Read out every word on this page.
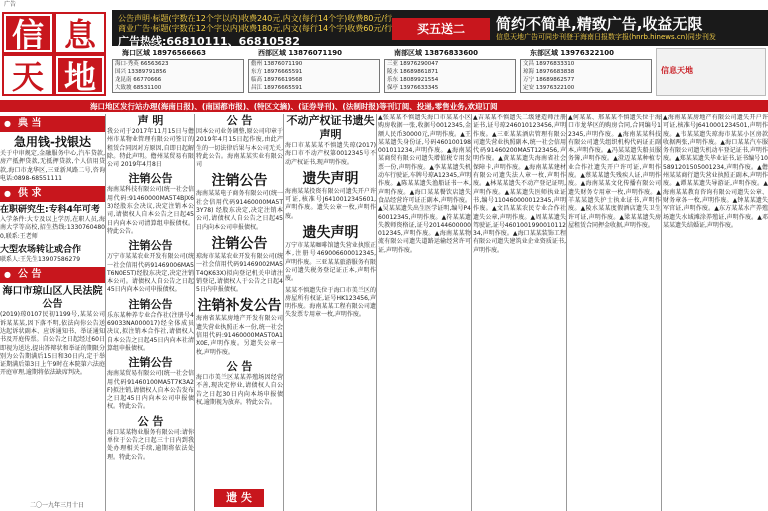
广告
信 息
天 地
公告声明·标题(字数在12个字以内)收费240元,内文(每行14个字)收费80元/行
商业广告·标题(字数在12个字以内)收费180元,内文(每行14个字)收费60元/行
广告热线:66810111、66810582
买五送二	简约不简单,精致广告,收益无限
信息天地广告可同步刊登于海南日报数字报(hnrb.hinews.cn)同步刊发
海口区域 18976566663
海口·秀英 66563623
国兴 13389791856
龙昆南 66770666
大致坡 68531100
西部区域 13876071190
儋州 13876071190
东方 18976665591
临高 18976619568
昌江 18976665591
南部区域 13876833600
三亚 18976290047
陵水 18689861871
乐东 18089921554
保亭 13976633345
东部区域 13976322100
文昌 18976833310
琼海 18976683838
万宁 18689862577
定安 13976322100
信息天地
海口地区发行站办理(海南日报)、(南国都市报)、(特区文摘)、(证券导刊)、(法制时报)等刊订阅、投递,零售业务,欢迎订阅
● 典 当
急用钱-找银达

关于中审规定,金融服务中心,汽车贷款,房产抵押贷款,无抵押贷款,个人信用贷款,海口市龙华区,三亚新风路二号,咨询电话:0898-68551111

● 供 求
在职研究生:专科4年可考

入学条件:大专及以上学历,在职人员,海南大学等高校,招生热线:13307604800,联系:王老师

大型农场转让或合作

联系人:王先生13907586279

● 公 告
海口市琼山区人民法院公告

(2019)琼0107民初1199号,某某公司诉某某某,因下落不明,依法向你公告送达起诉状副本、应诉通知书、举证通知书及开庭传票。自公告之日起经过60日即视为送达,提出答辩状和举证的期限分别为公告期满后15日和30日内,定于举证期满后第3日上午9时在本院第六法庭开庭审理,逾期将依法缺席判决。

二〇一九年三月十日
声 明

我公司于2017年11月15日与儋州市某物业管理有限公司签订的租赁合同因对方原因,自即日起解除。特此声明。儋州某贸易有限公司 2019年4月8日

注销公告

海南某科技有限公司(统一社会信用代码:91460000MA5T4BJX63)经股东会决议,决定注销本公司,请债权人自本公告之日起45日内向本公司清算组申报债权。特此公告。

注销公告

万宁市某某农业开发有限公司(统一社会信用代码91469006MA5T6N0E5T)经股东决定,决定注销本公司。请债权人自公告之日起45日内向本公司申报债权。

注销公告

乐东某种养专业合作社(注册号469033NA000017)经全体成员决议,拟注销本合作社,请债权人自本公告之日起45日内向本社清算组申报债权。

注销公告

海南某贸易有限公司(统一社会信用代码91460100MA5T7K3A2F)拟注销,请债权人自本公告发布之日起45日内向本公司申报债权。特此公告。

公 告

海口某某物业服务有限公司:请你单位于公告之日起三十日内到我处办理相关手续,逾期将依法处理。特此公告。

公 告

因本公司业务调整,原公司印章于2019年4月15日起作废,由此产生的一切法律后果与本公司无关,特此公告。海南某某实业有限公司

注销公告

海南某某电子商务有限公司(统一社会信用代码91460000MA5T3Y78) 经股东决定,决定注销本公司,请债权人自公告之日起45日内向本公司申报债权。

注销公告

琼海市某某农业开发有限公司(统一社会信用代码91469002MA5T4QK63X)拟向登记机关申请注销登记,请债权人于公告之日起45日内申报债权。

注销补发公告

海南省某某房地产开发有限公司遗失营业执照正本一份,统一社会信用代码:91460000MA5T0A1X0E,声明作废。另遗失公章一枚,声明作废。

公 告

海口市美兰区某某养殖场因经营不善,现决定停业,请债权人自公告之日起30日内向本场申报债权,逾期视为放弃。特此公告。

不动产权证书遗失声明

海口市某某某不慎遗失琼(2017)海口市不动产权第0012345号不动产权证书,现声明作废。

遗失声明

海南某某投资有限公司遗失开户许可证,核准号J6410012345601,声明作废。遗失公章一枚,声明作废。

遗失声明

万宁市某某咖啡馆遗失营业执照正本,注册号469006600012345,声明作废。三亚某某旅游服务有限公司遗失税务登记证正本,声明作废。

某某不慎遗失位于海口市美兰区的房屋所有权证,证号HK123456,声明作废。海南某某工程有限公司遗失发票专用章一枚,声明作废。

▲张某某不慎遗失海口市某某小区购房收据一张,收据号0012345,金额人民币30000元,声明作废。▲王某某遗失身份证,号码460100198001011234,声明作废。▲海南某某商贸有限公司遗失增值税专用发票一份,声明作废。▲李某某遗失机动车行驶证,车牌号琼A12345,声明作废。▲陈某某遗失渔船证书一本,声明作废。▲海口某某餐饮店遗失食品经营许可证正副本,声明作废。▲吴某某遗失出生医学证明,编号P460012345,声明作废。▲符某某遗失教师资格证,证号20144600000012345,声明作废。▲海南某某物流有限公司遗失道路运输经营许可证,声明作废。

▲吉某某不慎遗失二级建造师注册证书,证号琼246010123456,声明作废。▲三亚某某酒店管理有限公司遗失营业执照副本,统一社会信用代码91460200MA5T123456,声明作废。▲黄某某遗失海南省社会保障卡,声明作废。▲海南某某建材有限公司遗失法人章一枚,声明作废。▲林某某遗失不动产登记证明,声明作废。▲某某遗失医师执业证书,编号110460000012345,声明作废。▲文昌某某农民专业合作社遗失公章,声明作废。▲周某某遗失驾驶证,证号460100199001011234,声明作废。▲海口某某装饰工程有限公司遗失建筑业企业资质证书,声明作废。

▲何某某、邢某某不慎遗失位于海口市龙华区的购房合同,合同编号12345,声明作废。▲海南某某科技有限公司遗失组织机构代码证正副本,声明作废。▲冯某某遗失船员服务簿,声明作废。▲澄迈某某种植专业合作社遗失开户许可证,声明作废。▲蔡某某遗失残疾人证,声明作废。▲海南某某文化传播有限公司遗失财务专用章一枚,声明作废。▲羊某某遗失护士执业证书,声明作废。▲陵水某某度假酒店遗失卫生许可证,声明作废。▲梁某某遗失房屋租赁合同押金收据,声明作废。

▲海南某某房地产有限公司遗失开户许可证,核准号J6410001234501,声明作废。▲韦某某遗失琼海市某某小区房款收据两张,声明作废。▲海口某某汽车服务有限公司遗失机动车登记证书,声明作废。▲郑某某遗失毕业证书,证书编号105891201505001234,声明作废。▲儋州某某商行遗失营业执照正副本,声明作废。▲谭某某遗失导游证,声明作废。▲海南某某教育咨询有限公司遗失公章、财务章各一枚,声明作废。▲钟某某遗失军官证,声明作废。▲东方某某水产养殖场遗失水域滩涂养殖证,声明作废。▲邓某某遗失结婚证,声明作废。

遗 失
